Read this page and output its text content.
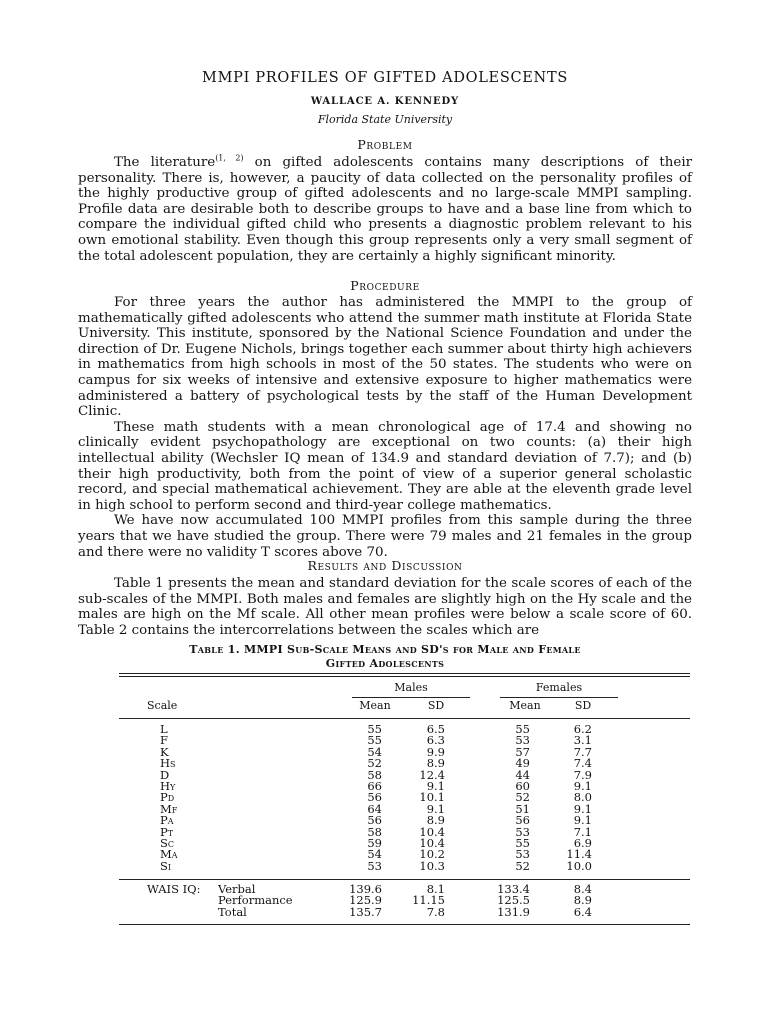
MMPI PROFILES OF GIFTED ADOLESCENTS
WALLACE A. KENNEDY
Florida State University
Problem

The literature$^{(1, 2)}$ on gifted adolescents contains many descriptions of their personality. There is, however, a paucity of data collected on the personality profiles of the highly productive group of gifted adolescents and no large-scale MMPI sampling. Profile data are desirable both to describe groups to have and a base line from which to compare the individual gifted child who presents a diagnostic problem relevant to his own emotional stability. Even though this group represents only a very small segment of the total adolescent population, they are certainly a highly significant minority.

Procedure

For three years the author has administered the MMPI to the group of mathematically gifted adolescents who attend the summer math institute at Florida State University. This institute, sponsored by the National Science Foundation and under the direction of Dr. Eugene Nichols, brings together each summer about thirty high achievers in mathematics from high schools in most of the 50 states. The students who were on campus for six weeks of intensive and extensive exposure to higher mathematics were administered a battery of psychological tests by the staff of the Human Development Clinic.

These math students with a mean chronological age of 17.4 and showing no clinically evident psychopathology are exceptional on two counts: (a) their high intellectual ability (Wechsler IQ mean of 134.9 and standard deviation of 7.7); and (b) their high productivity, both from the point of view of a superior general scholastic record, and special mathematical achievement. They are able at the eleventh grade level in high school to perform second and third-year college mathematics.

We have now accumulated 100 MMPI profiles from this sample during the three years that we have studied the group. There were 79 males and 21 females in the group and there were no validity T scores above 70.

Results and Discussion

Table 1 presents the mean and standard deviation for the scale scores of each of the sub-scales of the MMPI. Both males and females are slightly high on the Hy scale and the males are high on the Mf scale. All other mean profiles were below a scale score of 60. Table 2 contains the intercorrelations between the scales which are

Table 1. MMPI Sub-Scale Means and SD's for Male and Female
Gifted Adolescents
Males	Females
Scale	Mean	SD	Mean	SD
L	55	6.5	55	6.2
F	55	6.3	53	3.1
K	54	9.9	57	7.7
Hs	52	8.9	49	7.4
D	58	12.4	44	7.9
Hy	66	9.1	60	9.1
Pd	56	10.1	52	8.0
Mf	64	9.1	51	9.1
Pa	56	8.9	56	9.1
Pt	58	10.4	53	7.1
Sc	59	10.4	55	6.9
Ma	54	10.2	53	11.4
Si	53	10.3	52	10.0
WAIS IQ: Verbal	139.6	8.1	133.4	8.4
Performance	125.9	11.15	125.5	8.9
Total	135.7	7.8	131.9	6.4
